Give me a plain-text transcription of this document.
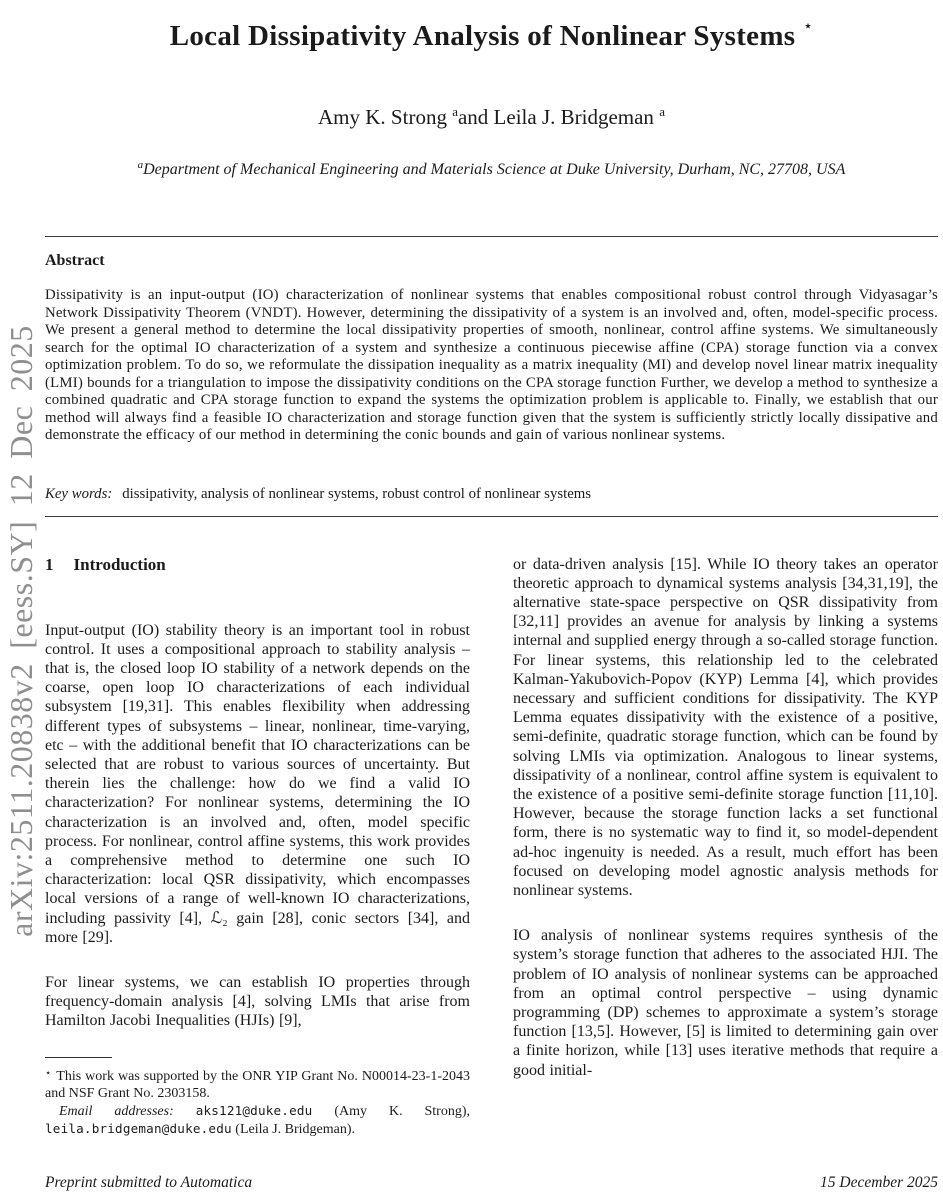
arXiv:2511.20838v2 [eess.SY] 12 Dec 2025
Local Dissipativity Analysis of Nonlinear Systems ⋆
Amy K. Strong $^a$and Leila J. Bridgeman $^a$
$^a$Department of Mechanical Engineering and Materials Science at Duke University, Durham, NC, 27708, USA
Abstract

Dissipativity is an input-output (IO) characterization of nonlinear systems that enables compositional robust control through Vidyasagar’s Network Dissipativity Theorem (VNDT). However, determining the dissipativity of a system is an involved and, often, model-specific process. We present a general method to determine the local dissipativity properties of smooth, nonlinear, control affine systems. We simultaneously search for the optimal IO characterization of a system and synthesize a continuous piecewise affine (CPA) storage function via a convex optimization problem. To do so, we reformulate the dissipation inequality as a matrix inequality (MI) and develop novel linear matrix inequality (LMI) bounds for a triangulation to impose the dissipativity conditions on the CPA storage function Further, we develop a method to synthesize a combined quadratic and CPA storage function to expand the systems the optimization problem is applicable to. Finally, we establish that our method will always find a feasible IO characterization and storage function given that the system is sufficiently strictly locally dissipative and demonstrate the efficacy of our method in determining the conic bounds and gain of various nonlinear systems.

Key words: dissipativity, analysis of nonlinear systems, robust control of nonlinear systems

1 Introduction

Input-output (IO) stability theory is an important tool in robust control. It uses a compositional approach to stability analysis – that is, the closed loop IO stability of a network depends on the coarse, open loop IO characterizations of each individual subsystem [19,31]. This enables flexibility when addressing different types of subsystems – linear, nonlinear, time-varying, etc – with the additional benefit that IO characterizations can be selected that are robust to various sources of uncertainty. But therein lies the challenge: how do we find a valid IO characterization? For nonlinear systems, determining the IO characterization is an involved and, often, model specific process. For nonlinear, control affine systems, this work provides a comprehensive method to determine one such IO characterization: local QSR dissipativity, which encompasses local versions of a range of well-known IO characterizations, including passivity [4], ℒ₂ gain [28], conic sectors [34], and more [29].

For linear systems, we can establish IO properties through frequency-domain analysis [4], solving LMIs that arise from Hamilton Jacobi Inequalities (HJIs) [9],

⋆ This work was supported by the ONR YIP Grant No. N00014-23-1-2043 and NSF Grant No. 2303158.

Email addresses: aks121@duke.edu (Amy K. Strong), leila.bridgeman@duke.edu (Leila J. Bridgeman).

or data-driven analysis [15]. While IO theory takes an operator theoretic approach to dynamical systems analysis [34,31,19], the alternative state-space perspective on QSR dissipativity from [32,11] provides an avenue for analysis by linking a systems internal and supplied energy through a so-called storage function. For linear systems, this relationship led to the celebrated Kalman-Yakubovich-Popov (KYP) Lemma [4], which provides necessary and sufficient conditions for dissipativity. The KYP Lemma equates dissipativity with the existence of a positive, semi-definite, quadratic storage function, which can be found by solving LMIs via optimization. Analogous to linear systems, dissipativity of a nonlinear, control affine system is equivalent to the existence of a positive semi-definite storage function [11,10]. However, because the storage function lacks a set functional form, there is no systematic way to find it, so model-dependent ad-hoc ingenuity is needed. As a result, much effort has been focused on developing model agnostic analysis methods for nonlinear systems.

IO analysis of nonlinear systems requires synthesis of the system’s storage function that adheres to the associated HJI. The problem of IO analysis of nonlinear systems can be approached from an optimal control perspective – using dynamic programming (DP) schemes to approximate a system’s storage function [13,5]. However, [5] is limited to determining gain over a finite horizon, while [13] uses iterative methods that require a good initial-

Preprint submitted to Automatica	15 December 2025
